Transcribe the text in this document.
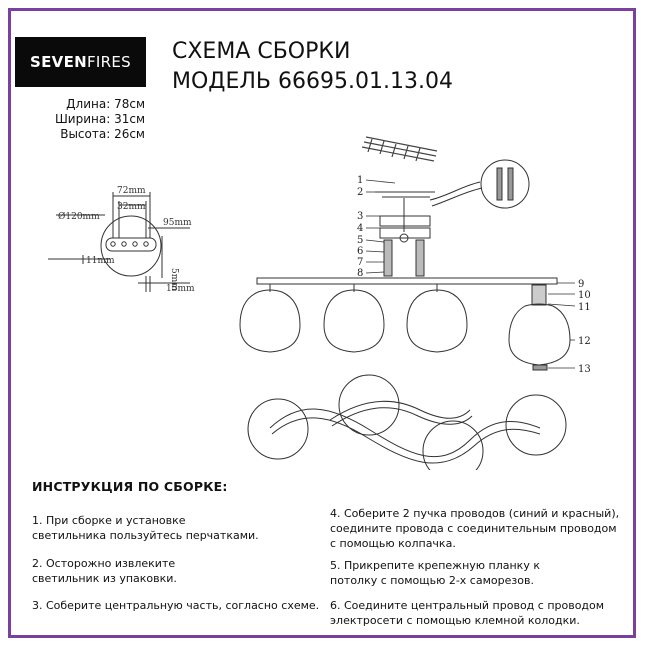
SEVEN FIRES СХЕМА СБОРКИ
МОДЕЛЬ 66695.01.13.04
Длина: 78см
Ширина: 31см
Высота: 26см
Ø120mm
72mm
32mm
95mm
11mm
5mm
15mm
1
2
3
4
5
6
7
8
9
10
11
12
13
ИНСТРУКЦИЯ ПО СБОРКЕ:
1. При сборке и установке
светильника пользуйтесь перчатками.
2. Осторожно извлеките
светильник из упаковки.
3. Соберите центральную часть, согласно схеме.
4. Соберите 2 пучка проводов (синий и красный),
соедините провода с соединительным проводом
с помощью колпачка.
5. Прикрепите крепежную планку к
потолку с помощью 2-х саморезов.
6. Соедините центральный провод с проводом
электросети с помощью клемной колодки.
